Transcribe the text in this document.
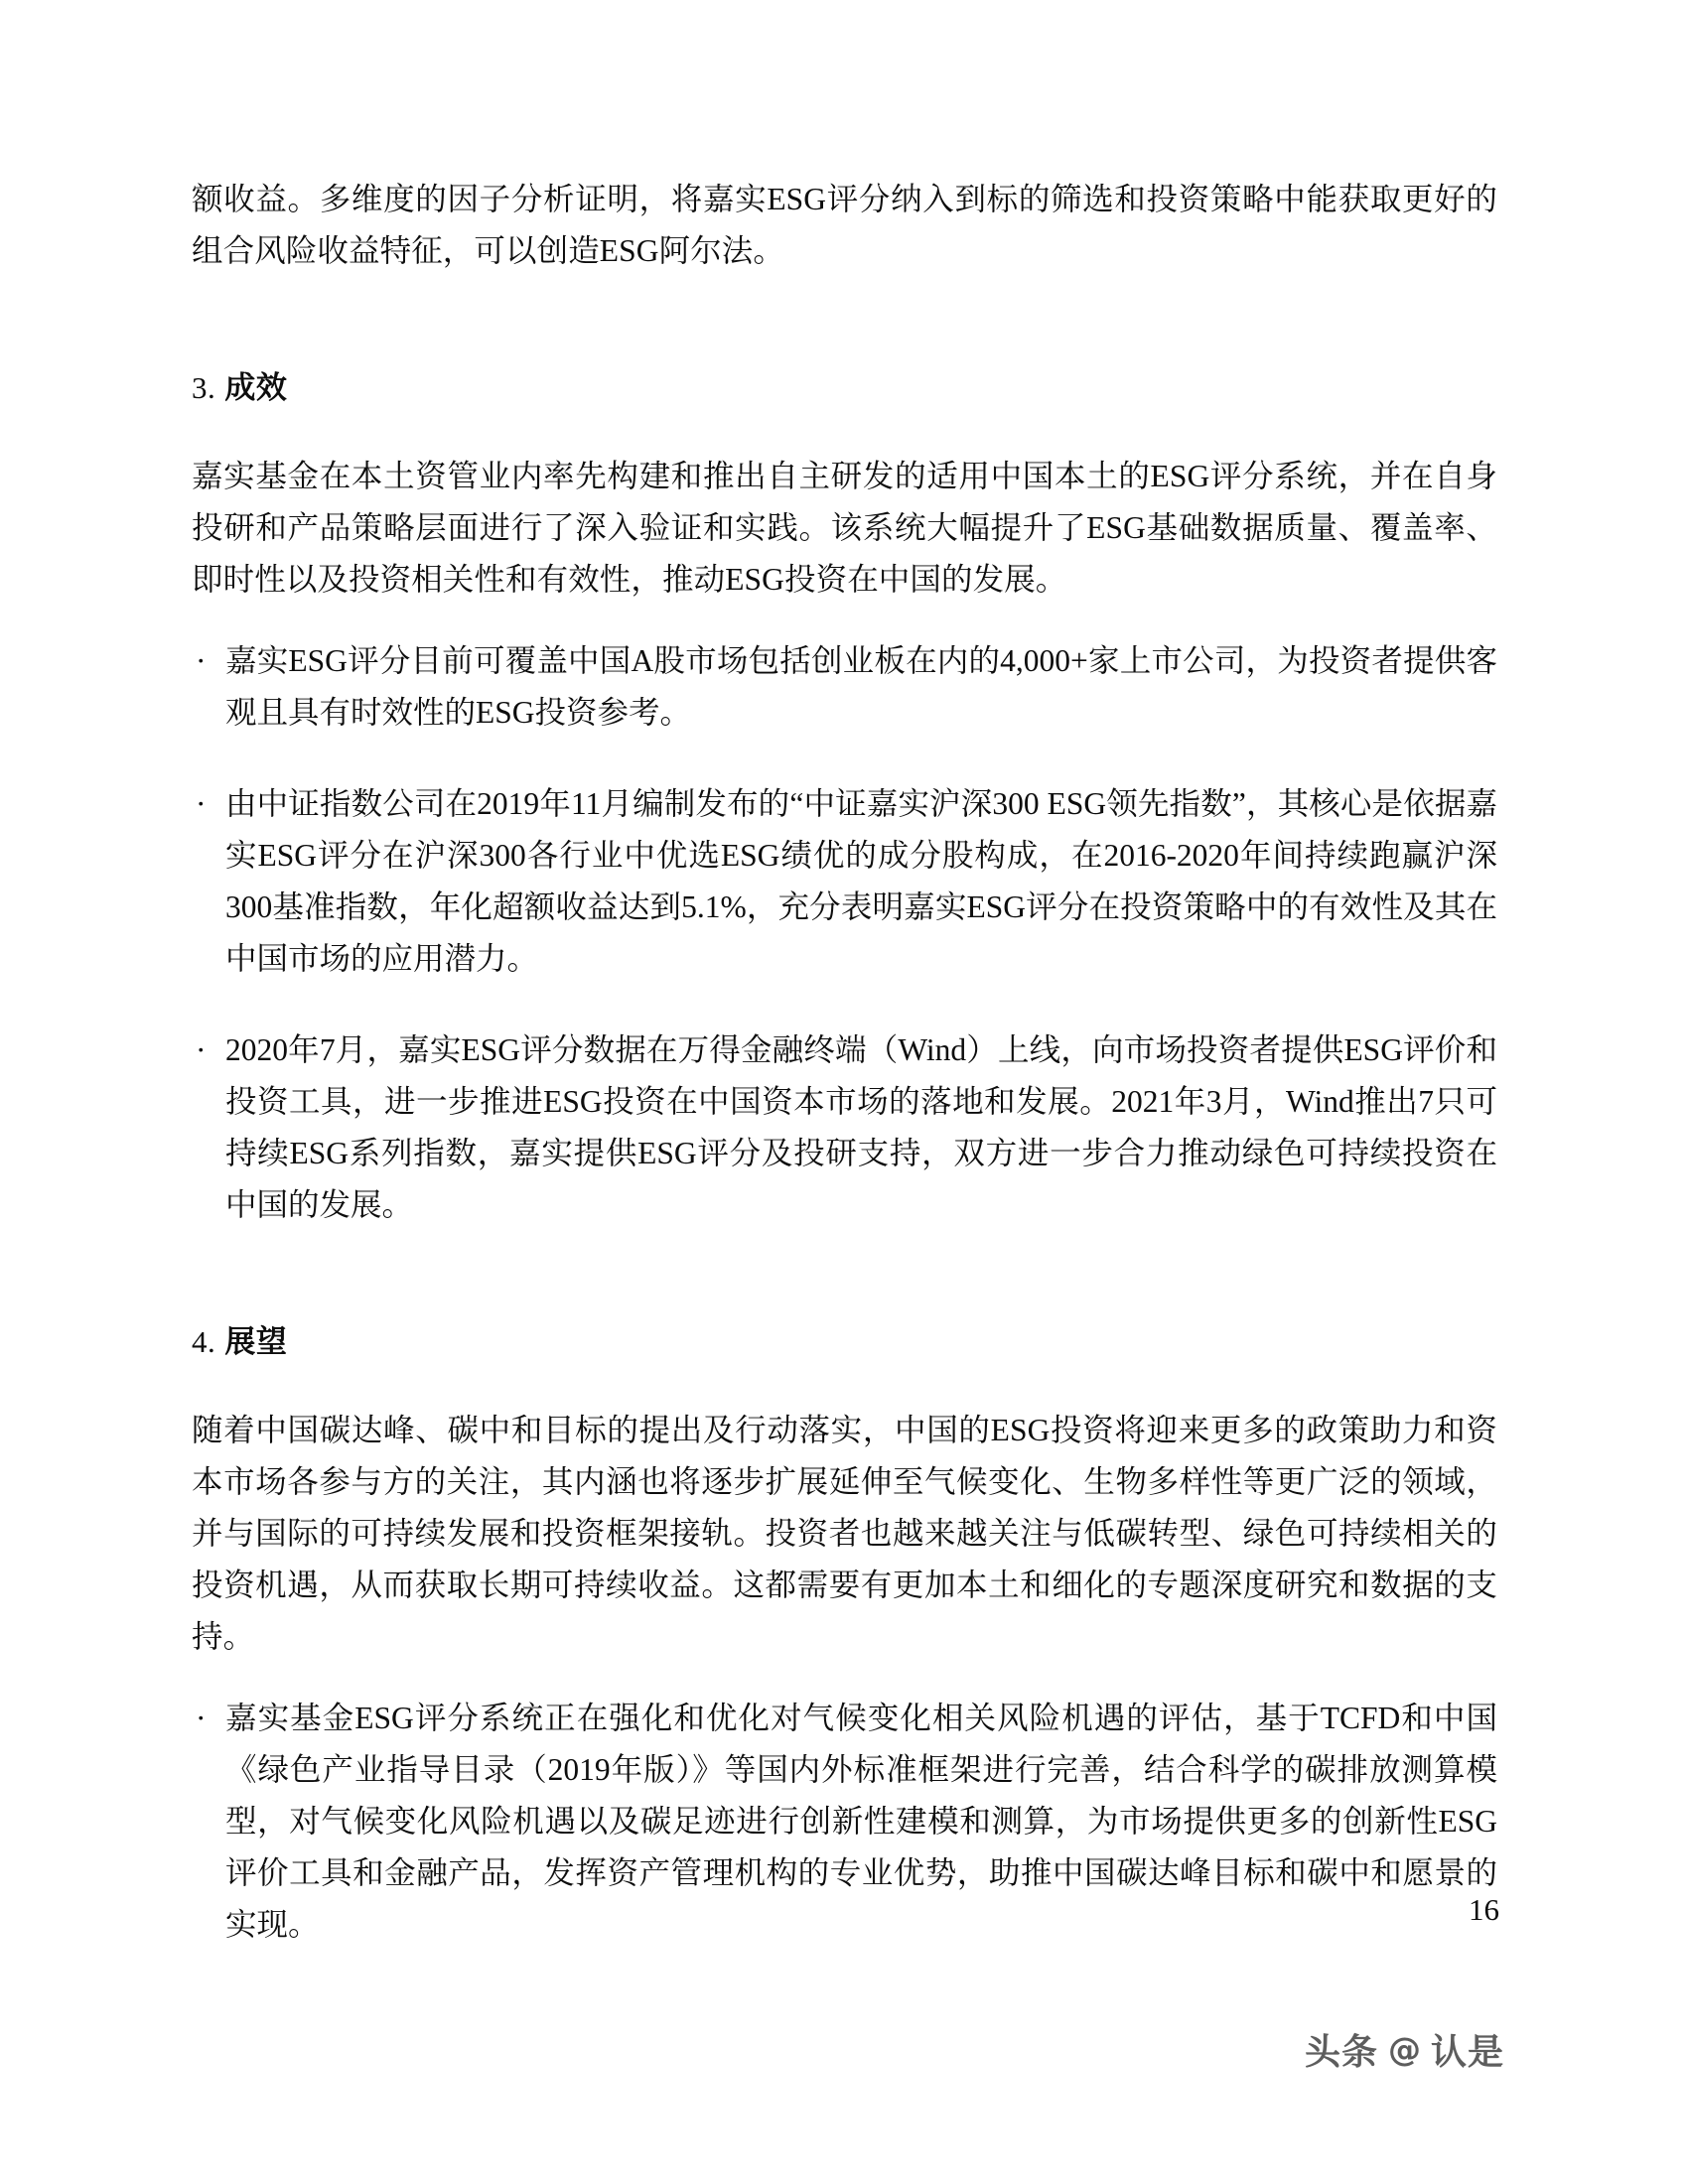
额收益。多维度的因子分析证明，将嘉实ESG评分纳入到标的筛选和投资策略中能获取更好的组合风险收益特征，可以创造ESG阿尔法。

3. 成效

嘉实基金在本土资管业内率先构建和推出自主研发的适用中国本土的ESG评分系统，并在自身投研和产品策略层面进行了深入验证和实践。该系统大幅提升了ESG基础数据质量、覆盖率、即时性以及投资相关性和有效性，推动ESG投资在中国的发展。

· 嘉实ESG评分目前可覆盖中国A股市场包括创业板在内的4,000+家上市公司，为投资者提供客观且具有时效性的ESG投资参考。
· 由中证指数公司在2019年11月编制发布的“中证嘉实沪深300 ESG领先指数”，其核心是依据嘉实ESG评分在沪深300各行业中优选ESG绩优的成分股构成，在2016-2020年间持续跑赢沪深300基准指数，年化超额收益达到5.1%，充分表明嘉实ESG评分在投资策略中的有效性及其在中国市场的应用潜力。
· 2020年7月，嘉实ESG评分数据在万得金融终端（Wind）上线，向市场投资者提供ESG评价和投资工具，进一步推进ESG投资在中国资本市场的落地和发展。2021年3月，Wind推出7只可持续ESG系列指数，嘉实提供ESG评分及投研支持，双方进一步合力推动绿色可持续投资在中国的发展。
4. 展望

随着中国碳达峰、碳中和目标的提出及行动落实，中国的ESG投资将迎来更多的政策助力和资本市场各参与方的关注，其内涵也将逐步扩展延伸至气候变化、生物多样性等更广泛的领域，并与国际的可持续发展和投资框架接轨。投资者也越来越关注与低碳转型、绿色可持续相关的投资机遇，从而获取长期可持续收益。这都需要有更加本土和细化的专题深度研究和数据的支持。

· 嘉实基金ESG评分系统正在强化和优化对气候变化相关风险机遇的评估，基于TCFD和中国《绿色产业指导目录（2019年版）》等国内外标准框架进行完善，结合科学的碳排放测算模型，对气候变化风险机遇以及碳足迹进行创新性建模和测算，为市场提供更多的创新性ESG评价工具和金融产品，发挥资产管理机构的专业优势，助推中国碳达峰目标和碳中和愿景的实现。	16
头条 @ 认是
